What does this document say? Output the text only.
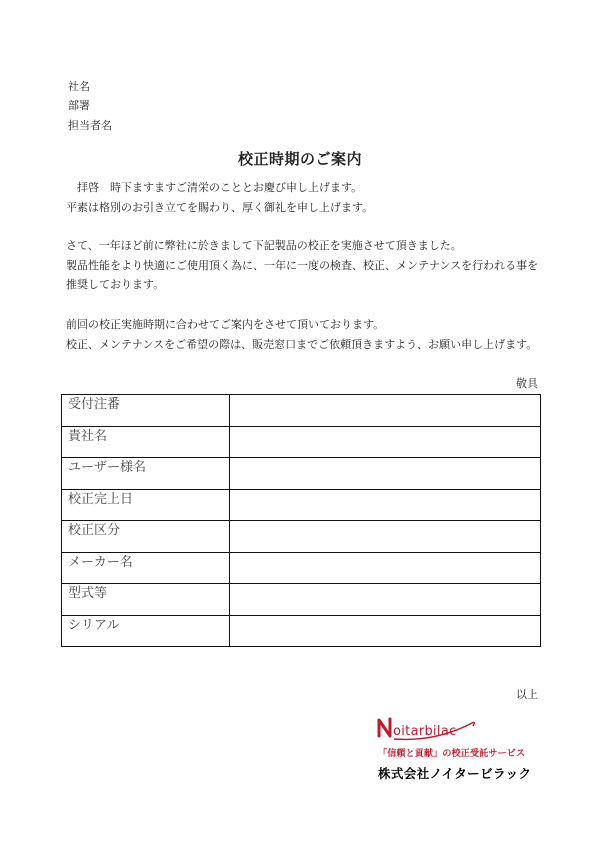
社名
部署
担当者名
校正時期のご案内
　拝啓　時下ますますご清栄のこととお慶び申し上げます。
平素は格別のお引き立てを賜わり、厚く御礼を申し上げます。
さて、一年ほど前に弊社に於きまして下記製品の校正を実施させて頂きました。
製品性能をより快適にご使用頂く為に、一年に一度の検査、校正、メンテナンスを行われる事を推奨しております。
前回の校正実施時期に合わせてご案内をさせて頂いております。
校正、メンテナンスをご希望の際は、販売窓口までご依頼頂きますよう、お願い申し上げます。
敬具
受付注番	
貴社名	
ユーザー様名	
校正完上日	
校正区分	
メーカー名	
型式等	
シリアル	
以上
oitarbilac
「信頼と貢献」の校正受託サービス
株式会社ノイタービラック
